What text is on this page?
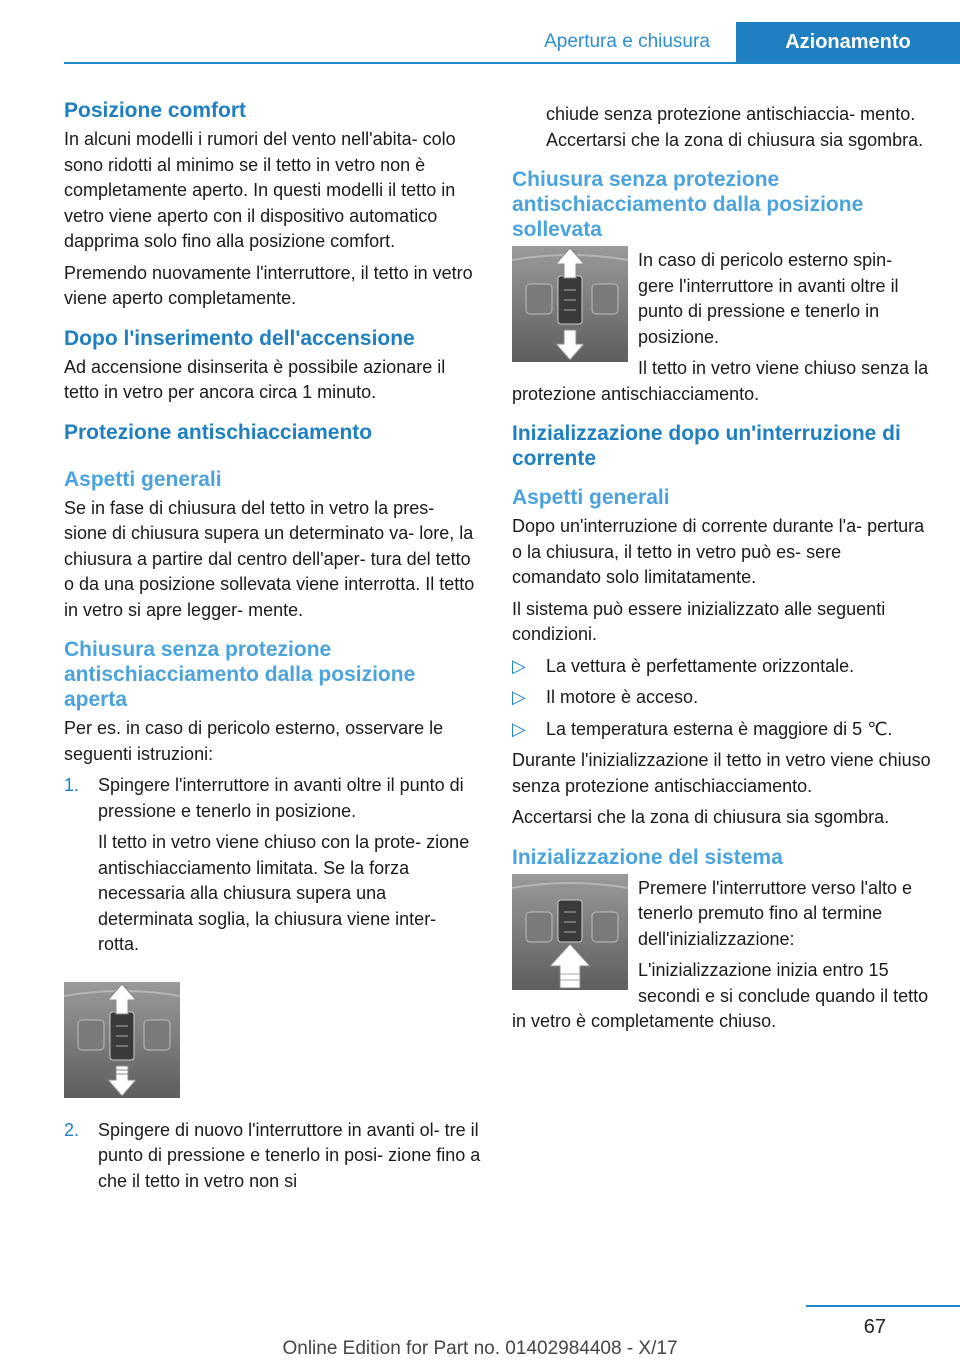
Apertura e chiusura	Azionamento
Posizione comfort

In alcuni modelli i rumori del vento nell'abita- colo sono ridotti al minimo se il tetto in vetro non è completamente aperto. In questi modelli il tetto in vetro viene aperto con il dispositivo automatico dapprima solo fino alla posizione comfort.

Premendo nuovamente l'interruttore, il tetto in vetro viene aperto completamente.

Dopo l'inserimento dell'accensione

Ad accensione disinserita è possibile azionare il tetto in vetro per ancora circa 1 minuto.

Protezione antischiacciamento
Aspetti generali

Se in fase di chiusura del tetto in vetro la pres- sione di chiusura supera un determinato va- lore, la chiusura a partire dal centro dell'aper- tura del tetto o da una posizione sollevata viene interrotta. Il tetto in vetro si apre legger- mente.

Chiusura senza protezione antischiacciamento dalla posizione aperta

Per es. in caso di pericolo esterno, osservare le seguenti istruzioni:

1.	Spingere l'interruttore in avanti oltre il punto di pressione e tenerlo in posizione.
Il tetto in vetro viene chiuso con la prote- zione antischiacciamento limitata. Se la forza necessaria alla chiusura supera una determinata soglia, la chiusura viene inter- rotta.
2.	Spingere di nuovo l'interruttore in avanti ol- tre il punto di pressione e tenerlo in posi- zione fino a che il tetto in vetro non si

chiude senza protezione antischiaccia- mento. Accertarsi che la zona di chiusura sia sgombra.

Chiusura senza protezione antischiacciamento dalla posizione sollevata

In caso di pericolo esterno spin- gere l'interruttore in avanti oltre il punto di pressione e tenerlo in posizione.

Il tetto in vetro viene chiuso senza la protezione antischiacciamento.

Inizializzazione dopo un'interruzione di corrente
Aspetti generali

Dopo un'interruzione di corrente durante l'a- pertura o la chiusura, il tetto in vetro può es- sere comandato solo limitatamente.

Il sistema può essere inizializzato alle seguenti condizioni.

▷	La vettura è perfettamente orizzontale.
▷	Il motore è acceso.
▷	La temperatura esterna è maggiore di 5 ℃.

Durante l'inizializzazione il tetto in vetro viene chiuso senza protezione antischiacciamento.

Accertarsi che la zona di chiusura sia sgombra.

Inizializzazione del sistema

Premere l'interruttore verso l'alto e tenerlo premuto fino al termine dell'inizializzazione:

L'inizializzazione inizia entro 15 secondi e si conclude quando il tetto in vetro è completamente chiuso.

67
Online Edition for Part no. 01402984408 - X/17
